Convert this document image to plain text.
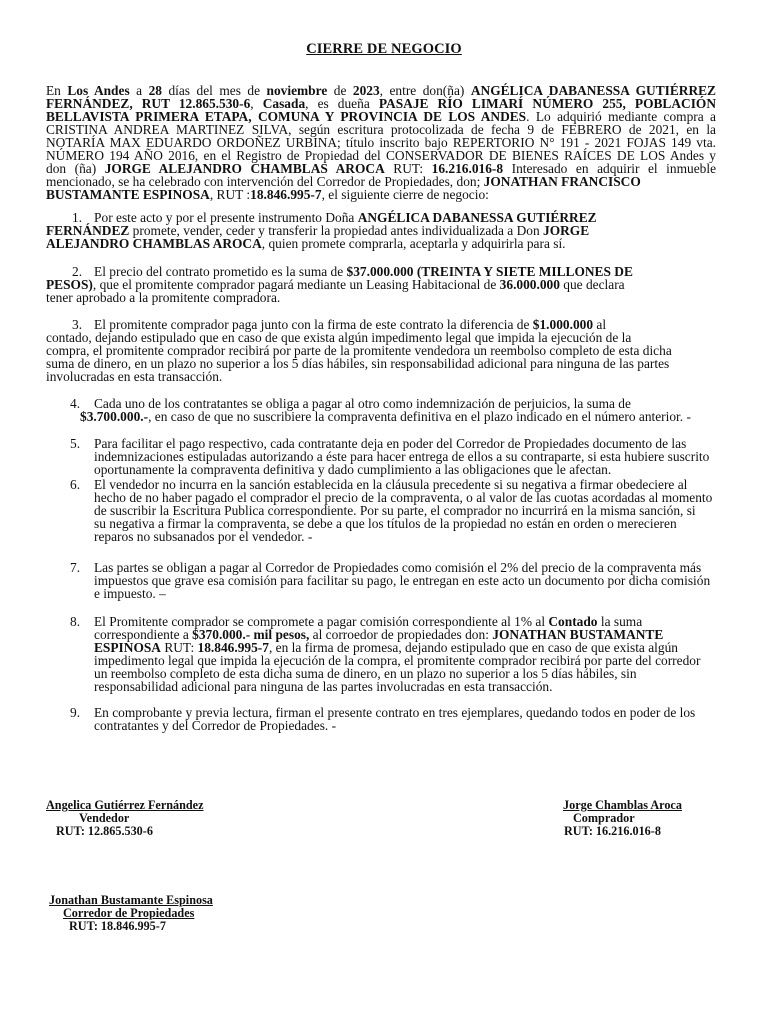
CIERRE DE NEGOCIO
En Los Andes a 28 días del mes de noviembre de 2023, entre don(ña) ANGÉLICA DABANESSA GUTIÉRREZ
FERNÁNDEZ, RUT 12.865.530-6, Casada, es dueña PASAJE RÍO LIMARÍ NÚMERO 255, POBLACIÓN
BELLAVISTA PRIMERA ETAPA, COMUNA Y PROVINCIA DE LOS ANDES. Lo adquirió mediante compra a
CRISTINA ANDREA MARTINEZ SILVA, según escritura protocolizada de fecha 9 de FEBRERO de 2021, en la
NOTARÍA MAX EDUARDO ORDOÑEZ URBINA; título inscrito bajo REPERTORIO N° 191 - 2021 FOJAS 149 vta.
NÚMERO 194 AÑO 2016, en el Registro de Propiedad del CONSERVADOR DE BIENES RAÍCES DE LOS Andes y
don (ña) JORGE ALEJANDRO CHAMBLAS AROCA RUT: 16.216.016-8 Interesado en adquirir el inmueble
mencionado, se ha celebrado con intervención del Corredor de Propiedades, don; JONATHAN FRANCISCO
BUSTAMANTE ESPINOSA, RUT :18.846.995-7, el siguiente cierre de negocio:
1. Por este acto y por el presente instrumento Doña ANGÉLICA DABANESSA GUTIÉRREZ
FERNÁNDEZ promete, vender, ceder y transferir la propiedad antes individualizada a Don JORGE
ALEJANDRO CHAMBLAS AROCA, quien promete comprarla, aceptarla y adquirirla para sí.
2. El precio del contrato prometido es la suma de $37.000.000 (TREINTA Y SIETE MILLONES DE
PESOS), que el promitente comprador pagará mediante un Leasing Habitacional de 36.000.000 que declara
tener aprobado a la promitente compradora.
3. El promitente comprador paga junto con la firma de este contrato la diferencia de $1.000.000 al
contado, dejando estipulado que en caso de que exista algún impedimento legal que impida la ejecución de la
compra, el promitente comprador recibirá por parte de la promitente vendedora un reembolso completo de esta dicha
suma de dinero, en un plazo no superior a los 5 días hábiles, sin responsabilidad adicional para ninguna de las partes
involucradas en esta transacción.
4. Cada uno de los contratantes se obliga a pagar al otro como indemnización de perjuicios, la suma de
$3.700.000.-, en caso de que no suscribiere la compraventa definitiva en el plazo indicado en el número anterior. -
5. Para facilitar el pago respectivo, cada contratante deja en poder del Corredor de Propiedades documento de las
indemnizaciones estipuladas autorizando a éste para hacer entrega de ellos a su contraparte, si esta hubiere suscrito
oportunamente la compraventa definitiva y dado cumplimiento a las obligaciones que le afectan.
6. El vendedor no incurra en la sanción establecida en la cláusula precedente si su negativa a firmar obedeciere al
hecho de no haber pagado el comprador el precio de la compraventa, o al valor de las cuotas acordadas al momento
de suscribir la Escritura Publica correspondiente. Por su parte, el comprador no incurrirá en la misma sanción, si
su negativa a firmar la compraventa, se debe a que los títulos de la propiedad no están en orden o merecieren
reparos no subsanados por el vendedor. -
7. Las partes se obligan a pagar al Corredor de Propiedades como comisión el 2% del precio de la compraventa más
impuestos que grave esa comisión para facilitar su pago, le entregan en este acto un documento por dicha comisión
e impuesto. –
8. El Promitente comprador se compromete a pagar comisión correspondiente al 1% al Contado la suma
correspondiente a $370.000.- mil pesos, al corroedor de propiedades don: JONATHAN BUSTAMANTE
ESPINOSA RUT: 18.846.995-7, en la firma de promesa, dejando estipulado que en caso de que exista algún
impedimento legal que impida la ejecución de la compra, el promitente comprador recibirá por parte del corredor
un reembolso completo de esta dicha suma de dinero, en un plazo no superior a los 5 días hábiles, sin
responsabilidad adicional para ninguna de las partes involucradas en esta transacción.
9. En comprobante y previa lectura, firman el presente contrato en tres ejemplares, quedando todos en poder de los
contratantes y del Corredor de Propiedades. -
Angelica Gutiérrez Fernández
Vendedor
RUT: 12.865.530-6
Jorge Chamblas Aroca
Comprador
RUT: 16.216.016-8
Jonathan Bustamante Espinosa
Corredor de Propiedades
RUT: 18.846.995-7
